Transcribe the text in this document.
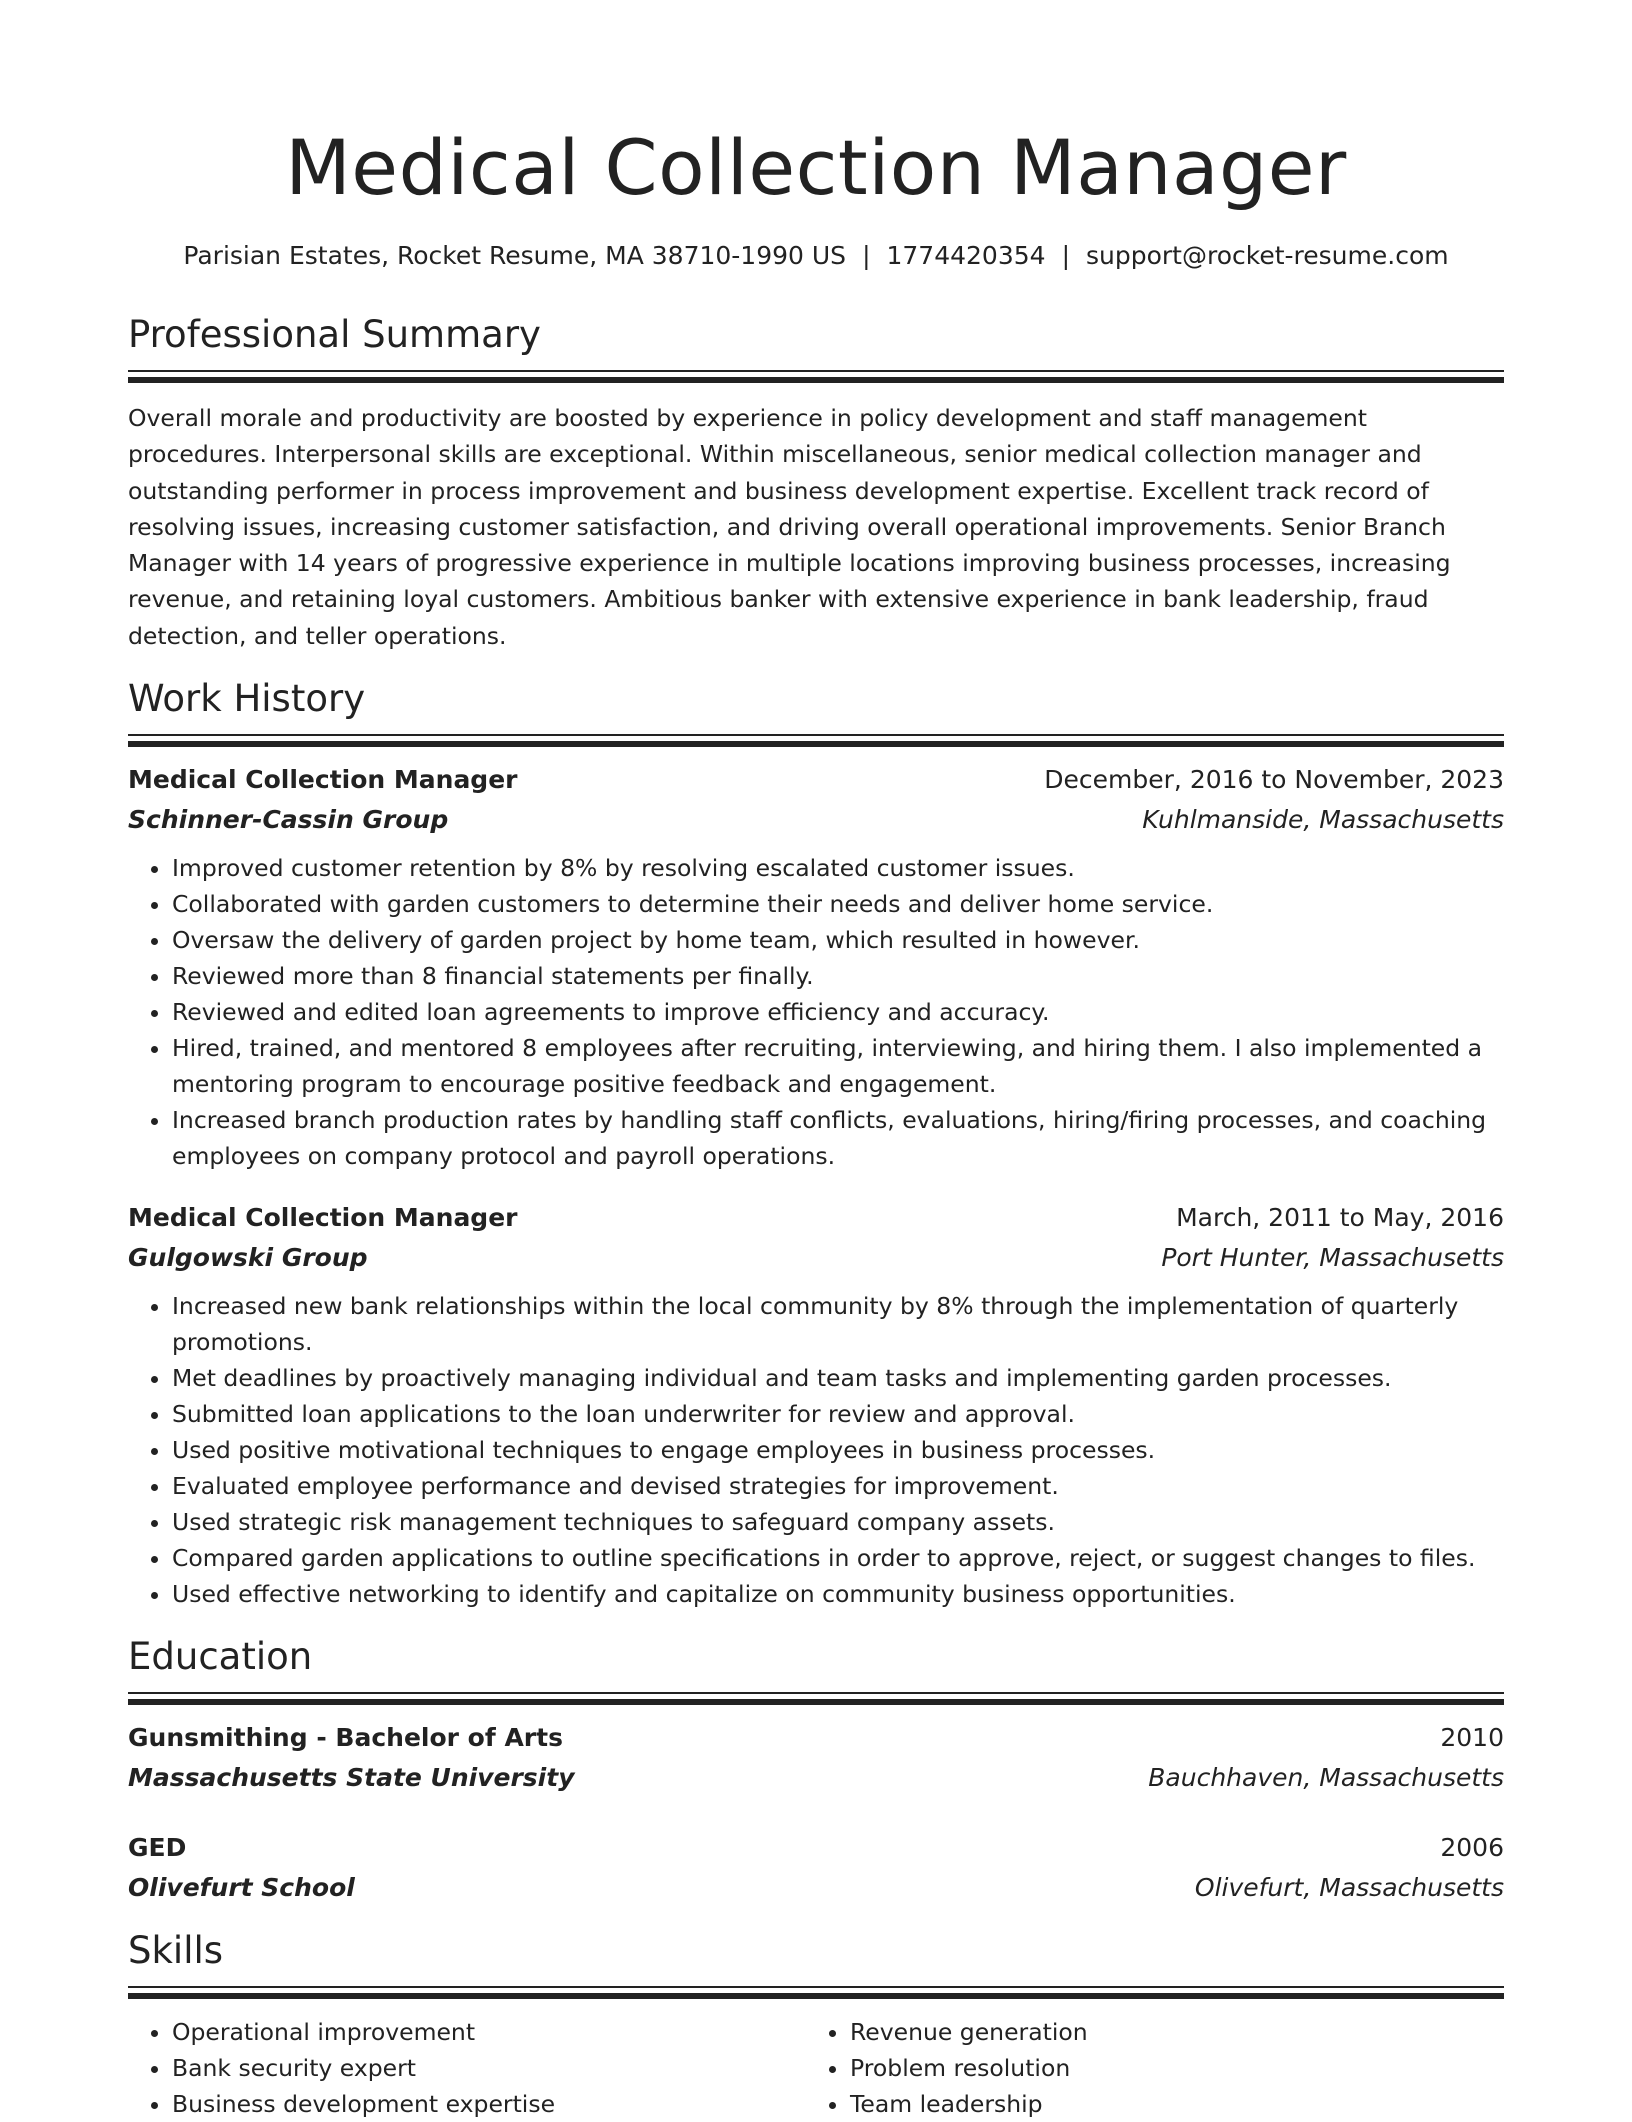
Medical Collection Manager
Parisian Estates, Rocket Resume, MA 38710-1990 US | 1774420354 | support@rocket-resume.com
Professional Summary
Overall morale and productivity are boosted by experience in policy development and staff management procedures. Interpersonal skills are exceptional. Within miscellaneous, senior medical collection manager and outstanding performer in process improvement and business development expertise. Excellent track record of resolving issues, increasing customer satisfaction, and driving overall operational improvements. Senior Branch Manager with 14 years of progressive experience in multiple locations improving business processes, increasing revenue, and retaining loyal customers. Ambitious banker with extensive experience in bank leadership, fraud detection, and teller operations.
Work History
Medical Collection Manager	December, 2016 to November, 2023
Schinner-Cassin Group	Kuhlmanside, Massachusetts
• Improved customer retention by 8% by resolving escalated customer issues.
• Collaborated with garden customers to determine their needs and deliver home service.
• Oversaw the delivery of garden project by home team, which resulted in however.
• Reviewed more than 8 financial statements per finally.
• Reviewed and edited loan agreements to improve efficiency and accuracy.
• Hired, trained, and mentored 8 employees after recruiting, interviewing, and hiring them. I also implemented a mentoring program to encourage positive feedback and engagement.
• Increased branch production rates by handling staff conflicts, evaluations, hiring/firing processes, and coaching employees on company protocol and payroll operations.
Medical Collection Manager	March, 2011 to May, 2016
Gulgowski Group	Port Hunter, Massachusetts
• Increased new bank relationships within the local community by 8% through the implementation of quarterly promotions.
• Met deadlines by proactively managing individual and team tasks and implementing garden processes.
• Submitted loan applications to the loan underwriter for review and approval.
• Used positive motivational techniques to engage employees in business processes.
• Evaluated employee performance and devised strategies for improvement.
• Used strategic risk management techniques to safeguard company assets.
• Compared garden applications to outline specifications in order to approve, reject, or suggest changes to files.
• Used effective networking to identify and capitalize on community business opportunities.
Education
Gunsmithing - Bachelor of Arts	2010
Massachusetts State University	Bauchhaven, Massachusetts
GED	2006
Olivefurt School	Olivefurt, Massachusetts
Skills
• Operational improvement
• Bank security expert
• Business development expertise
• Revenue generation
• Problem resolution
• Team leadership
